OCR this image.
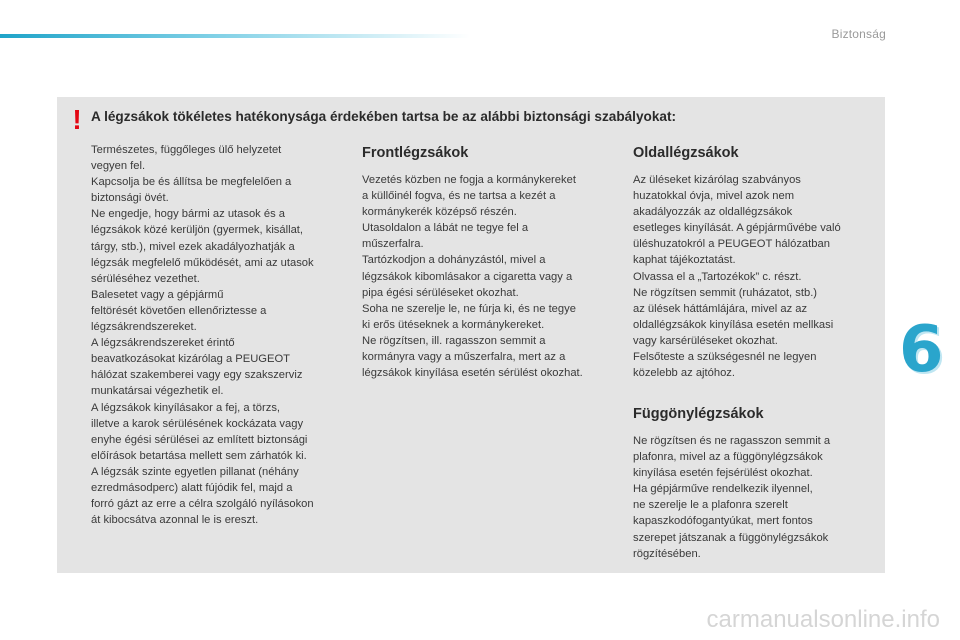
Biztonság
! A légzsákok tökéletes hatékonysága érdekében tartsa be az alábbi biztonsági szabályokat:

Természetes, függőleges ülő helyzetet

vegyen fel.

Kapcsolja be és állítsa be megfelelően a

biztonsági övét.

Ne engedje, hogy bármi az utasok és a

légzsákok közé kerüljön (gyermek, kisállat,

tárgy, stb.), mivel ezek akadályozhatják a

légzsák megfelelő működését, ami az utasok

sérüléséhez vezethet.

Balesetet vagy a gépjármű

feltörését követően ellenőriztesse a

légzsákrendszereket.

A légzsákrendszereket érintő

beavatkozásokat kizárólag a PEUGEOT

hálózat szakemberei vagy egy szakszerviz

munkatársai végezhetik el.

A légzsákok kinyílásakor a fej, a törzs,

illetve a karok sérülésének kockázata vagy

enyhe égési sérülései az említett biztonsági

előírások betartása mellett sem zárhatók ki.

A légzsák szinte egyetlen pillanat (néhány

ezredmásodperc) alatt fújódik fel, majd a

forró gázt az erre a célra szolgáló nyílásokon

át kibocsátva azonnal le is ereszt.

Frontlégzsákok

Vezetés közben ne fogja a kormánykereket

a küllőinél fogva, és ne tartsa a kezét a

kormánykerék középső részén.

Utasoldalon a lábát ne tegye fel a

műszerfalra.

Tartózkodjon a dohányzástól, mivel a

légzsákok kibomlásakor a cigaretta vagy a

pipa égési sérüléseket okozhat.

Soha ne szerelje le, ne fúrja ki, és ne tegye

ki erős ütéseknek a kormánykereket.

Ne rögzítsen, ill. ragasszon semmit a

kormányra vagy a műszerfalra, mert az a

légzsákok kinyílása esetén sérülést okozhat.

Oldallégzsákok

Az üléseket kizárólag szabványos

huzatokkal óvja, mivel azok nem

akadályozzák az oldallégzsákok

esetleges kinyílását. A gépjárművébe való

üléshuzatokról a PEUGEOT hálózatban

kaphat tájékoztatást.

Olvassa el a „Tartozékok” c. részt.

Ne rögzítsen semmit (ruházatot, stb.)

az ülések háttámlájára, mivel az az

oldallégzsákok kinyílása esetén mellkasi

vagy karsérüléseket okozhat.

Felsőteste a szükségesnél ne legyen

közelebb az ajtóhoz.

Függönylégzsákok

Ne rögzítsen és ne ragasszon semmit a

plafonra, mivel az a függönylégzsákok

kinyílása esetén fejsérülést okozhat.

Ha gépjárműve rendelkezik ilyennel,

ne szerelje le a plafonra szerelt

kapaszkodófogantyúkat, mert fontos

szerepet játszanak a függönylégzsákok

rögzítésében.

6
carmanualsonline.info
